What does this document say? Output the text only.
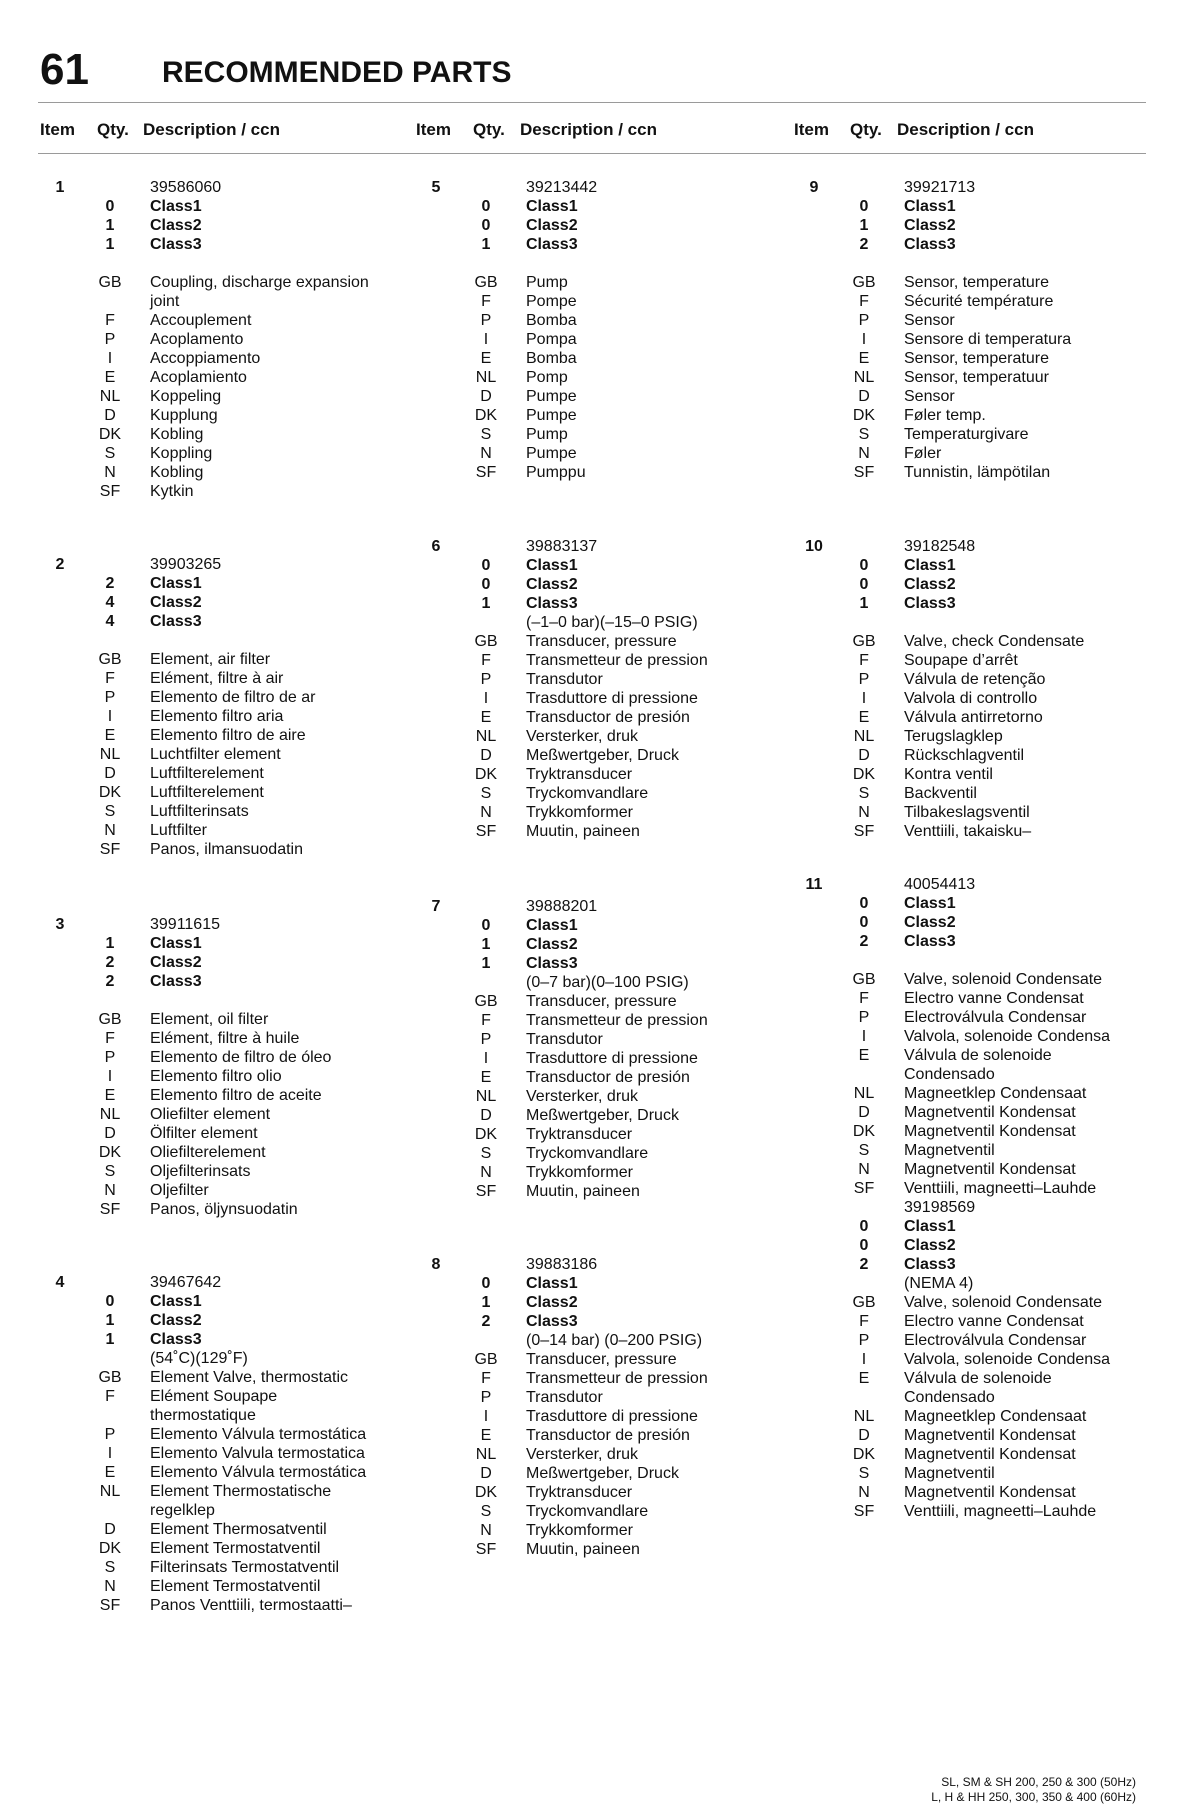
61 RECOMMENDED PARTS
Item Qty. Description / ccn	Item Qty. Description / ccn	Item Qty. Description / ccn
1	39586060
0	Class1
1	Class2
1	Class3
GB	Coupling, discharge expansion
joint
F	Accouplement
P	Acoplamento
I	Accoppiamento
E	Acoplamiento
NL	Koppeling
D	Kupplung
DK	Kobling
S	Koppling
N	Kobling
SF	Kytkin
2	39903265
2	Class1
4	Class2
4	Class3
GB	Element, air filter
F	Elément, filtre à air
P	Elemento de filtro de ar
I	Elemento filtro aria
E	Elemento filtro de aire
NL	Luchtfilter element
D	Luftfilterelement
DK	Luftfilterelement
S	Luftfilterinsats
N	Luftfilter
SF	Panos, ilmansuodatin
3	39911615
1	Class1
2	Class2
2	Class3
GB	Element, oil filter
F	Elément, filtre à huile
P	Elemento de filtro de óleo
I	Elemento filtro olio
E	Elemento filtro de aceite
NL	Oliefilter element
D	Ölfilter element
DK	Oliefilterelement
S	Oljefilterinsats
N	Oljefilter
SF	Panos, öljynsuodatin
4	39467642
0	Class1
1	Class2
1	Class3
(54˚C)(129˚F)
GB	Element Valve, thermostatic
F	Elément Soupape
thermostatique
P	Elemento Válvula termostática
I	Elemento Valvula termostatica
E	Elemento Válvula termostática
NL	Element Thermostatische
regelklep
D	Element Thermosatventil
DK	Element Termostatventil
S	Filterinsats Termostatventil
N	Element Termostatventil
SF	Panos Venttiili, termostaatti–
5	39213442
0	Class1
0	Class2
1	Class3
GB	Pump
F	Pompe
P	Bomba
I	Pompa
E	Bomba
NL	Pomp
D	Pumpe
DK	Pumpe
S	Pump
N	Pumpe
SF	Pumppu
6	39883137
0	Class1
0	Class2
1	Class3
(–1–0 bar)(–15–0 PSIG)
GB	Transducer, pressure
F	Transmetteur de pression
P	Transdutor
I	Trasduttore di pressione
E	Transductor de presión
NL	Versterker, druk
D	Meßwertgeber, Druck
DK	Tryktransducer
S	Tryckomvandlare
N	Trykkomformer
SF	Muutin, paineen
7	39888201
0	Class1
1	Class2
1	Class3
(0–7 bar)(0–100 PSIG)
GB	Transducer, pressure
F	Transmetteur de pression
P	Transdutor
I	Trasduttore di pressione
E	Transductor de presión
NL	Versterker, druk
D	Meßwertgeber, Druck
DK	Tryktransducer
S	Tryckomvandlare
N	Trykkomformer
SF	Muutin, paineen
8	39883186
0	Class1
1	Class2
2	Class3
(0–14 bar) (0–200 PSIG)
GB	Transducer, pressure
F	Transmetteur de pression
P	Transdutor
I	Trasduttore di pressione
E	Transductor de presión
NL	Versterker, druk
D	Meßwertgeber, Druck
DK	Tryktransducer
S	Tryckomvandlare
N	Trykkomformer
SF	Muutin, paineen
9	39921713
0	Class1
1	Class2
2	Class3
GB	Sensor, temperature
F	Sécurité température
P	Sensor
I	Sensore di temperatura
E	Sensor, temperature
NL	Sensor, temperatuur
D	Sensor
DK	Føler temp.
S	Temperaturgivare
N	Føler
SF	Tunnistin, lämpötilan
10	39182548
0	Class1
0	Class2
1	Class3
GB	Valve, check Condensate
F	Soupape d’arrêt
P	Válvula de retenção
I	Valvola di controllo
E	Válvula antirretorno
NL	Terugslagklep
D	Rückschlagventil
DK	Kontra ventil
S	Backventil
N	Tilbakeslagsventil
SF	Venttiili, takaisku–
11	40054413
0	Class1
0	Class2
2	Class3
GB	Valve, solenoid Condensate
F	Electro vanne Condensat
P	Electroválvula Condensar
I	Valvola, solenoide Condensa
E	Válvula de solenoide
Condensado
NL	Magneetklep Condensaat
D	Magnetventil Kondensat
DK	Magnetventil Kondensat
S	Magnetventil
N	Magnetventil Kondensat
SF	Venttiili, magneetti–Lauhde
39198569
0	Class1
0	Class2
2	Class3
(NEMA 4)
GB	Valve, solenoid Condensate
F	Electro vanne Condensat
P	Electroválvula Condensar
I	Valvola, solenoide Condensa
E	Válvula de solenoide
Condensado
NL	Magneetklep Condensaat
D	Magnetventil Kondensat
DK	Magnetventil Kondensat
S	Magnetventil
N	Magnetventil Kondensat
SF	Venttiili, magneetti–Lauhde
SL, SM & SH 200, 250 & 300 (50Hz)
L, H & HH 250, 300, 350 & 400 (60Hz)
